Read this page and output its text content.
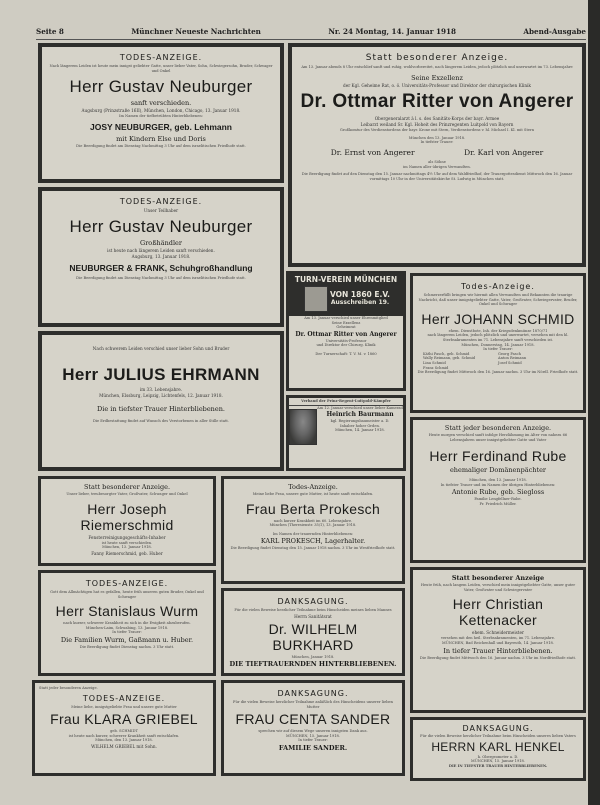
Seite 8	Münchner Neueste Nachrichten	Nr. 24 Montag, 14. Januar 1918	Abend-Ausgabe
TODES-ANZEIGE.
Nach längerem Leiden ist heute mein innigst geliebter Gatte, unser lieber Vater, Sohn, Schwiegersohn, Bruder, Schwager und Onkel
Herr Gustav Neuburger
sanft verschieden.
Augsburg (Prinzstraße 16II), München, London, Chicago, 13. Januar 1918.
Im Namen der tiefbetrübten Hinterbliebenen:
JOSY NEUBURGER, geb. Lehmann
mit Kindern Else und Doris
Die Beerdigung findet am Dienstag Nachmittag 3 Uhr auf dem israelitischen Friedhofe statt.
TODES-ANZEIGE.
Unser Teilhaber
Herr Gustav Neuburger
Großhändler
ist heute nach längerem Leiden sanft verschieden.
Augsburg, 13. Januar 1918.
NEUBURGER & FRANK, Schuhgroßhandlung
Die Beerdigung findet am Dienstag Nachmittag 3 Uhr auf dem israelitischen Friedhofe statt.
Nach schwerem Leiden verschied unser lieber Sohn und Bruder
Herr JULIUS EHRMANN
im 33. Lebensjahre.
München, Elssburg, Leipzig, Lichtenfels, 12. Januar 1918.
Die in tiefster Trauer Hinterbliebenen.
Die Erdbestattung findet auf Wunsch des Verstorbenen in aller Stille statt.
Statt besonderer Anzeige.
Unser lieber, treubesorgter Vater, Großvater, Schwager und Onkel
Herr Joseph Riemerschmid
Fensterreinigungsgeschäfts-Inhaber
ist heute sanft verschieden.
München, 13. Januar 1918.
Fanny Riemerschmid, geb. Huber
TODES-ANZEIGE.
Gott dem Allmächtigen hat es gefallen, heute früh unseren guten Bruder, Onkel und Schwager
Herr Stanislaus Wurm
nach kurzer, schwerer Krankheit zu sich in die Ewigkeit abzuberufen.
München-Laim, Schwabing, 13. Januar 1918.
In tiefer Trauer:
Die Familien Wurm, Gaßmann u. Huber.
Die Beerdigung findet Dienstag nachm. 3 Uhr statt.
Statt jeder besonderen Anzeige.
TODES-ANZEIGE.
Meine liebe, innigstgeliebte Frau und unsere gute Mutter
Frau KLARA GRIEBEL
geb. SCHMIDT
ist heute nach kurzer, schwerer Krankheit sanft entschlafen.
München, den 13. Januar 1918.
WILHELM GRIEBEL mit Sohn.
Todes-Anzeige.
Meine liebe Frau, unsere gute Mutter, ist heute sanft entschlafen.
Frau Berta Prokesch
nach kurzer Krankheit im 60. Lebensjahre.
München (Theresienstr. 35/1), 13. Januar 1918.
Im Namen der trauernden Hinterbliebenen:
KARL PROKESCH, Lagerhalter.
Die Beerdigung findet Dienstag den 15. Januar 1918 nachm. 3 Uhr im Westfriedhofe statt.
DANKSAGUNG.
Für die vielen Beweise herzlicher Teilnahme beim Hinscheiden meines lieben Mannes
Herrn Sanitätsrat
Dr. WILHELM BURKHARD
München, Januar 1918.
DIE TIEFTRAUERNDEN HINTERBLIEBENEN.
DANKSAGUNG.
Für die vielen Beweise herzlicher Teilnahme anläßlich des Hinscheidens unserer lieben Mutter
FRAU CENTA SANDER
sprechen wir auf diesem Wege unseren innigsten Dank aus.
MÜNCHEN, 15. Januar 1918.
In tiefer Trauer:
FAMILIE SANDER.
Statt besonderer Anzeige.
Am 13. Januar abends 8 Uhr entschlief sanft und ruhig, wohlvorbereitet, nach längerem Leiden, jedoch plötzlich und unerwartet im 73. Lebensjahre
Seine Exzellenz
der Kgl. Geheime Rat, o. ö. Universitäts-Professor und Direktor der chirurgischen Klinik
Dr. Ottmar Ritter von Angerer
Obergeneralarzt à l. s. des Sanitäts-Korps der bayr. Armee
Leibarzt weiland Sr. Kgl. Hoheit des Prinzregenten Luitpold von Bayern
Großkomtur des Verdienstordens der bayr. Krone mit Stern, Verdienstordens v. hl. Michael I. Kl. mit Stern
München den 13. Januar 1918.
In tiefster Trauer:
Dr. Ernst von Angerer	Dr. Karl von Angerer
als Söhne
im Namen aller übrigen Verwandten.
Die Beerdigung findet auf den Dienstag den 15. Januar nachmittags 4½ Uhr auf dem Waldfriedhof, der Trauergottesdienst Mittwoch den 16. Januar vormittags 10 Uhr in der Universitätskirche St. Ludwig in München statt.
TURN-VEREIN MÜNCHEN
VON 1860 E.V.
Ausschreiben 19.
Am 13. Januar verschied unser Ehrenmitglied
Seine Exzellenz
Geheimrat
Dr. Ottmar Ritter von Angerer
Universitäts-Professor
und Direktor der Chirurg. Klinik
Der Turnerschaft: T. V. M. v. 1860
Verband der Prinz-Regent-Luitpold-Kämpfer
Am 12. Januar verschied unser lieber Kamerad
Heinrich Baurmann
kgl. Regierungsbaumeister a. D.
Inhaber hoher Orden.
München, 14. Januar 1918.
Todes-Anzeige.
Schmerzerfüllt bringen wir hiermit allen Verwandten und Bekannten die traurige Nachricht, daß unser innigstgeliebter Gatte, Vater, Großvater, Schwiegervater, Bruder, Onkel und Schwager
Herr JOHANN SCHMID
ehem. Dienstbote, Inh. der Kriegsdenkmünze 1870/71
nach längerem Leiden, jedoch plötzlich und unerwartet, versehen mit den hl. Sterbsakramenten im 71. Lebensjahre sanft verschieden ist.
München, Donnerstag, 14. Januar 1918.
In tiefer Trauer:
Käthi Pasch, geb. Schmid	Georg Pasch
Wally Reimann, geb. Schmid	Anton Reimann
Lina Schmid	Josef Schmid
Franz Schmid
Die Beerdigung findet Mittwoch den 16. Januar nachm. 3 Uhr im Nördl. Friedhofe statt.
Statt jeder besonderen Anzeige.
Heute morgen verschied sanft infolge Herzlähmung im Alter von nahezu 66 Lebensjahren unser innigstgeliebter Gatte und Vater
Herr Ferdinand Rube
ehemaliger Domänenpächter
München, den 13. Januar 1918.
In tiefster Trauer und im Namen der übrigen Hinterbliebenen:
Antonie Rube, geb. Siegloss
Familie Lengfellner-Rube.
Fr. Friedrich Müller.
Statt besonderer Anzeige
Heute früh, nach langem Leiden, verschied mein innigstgeliebter Gatte, unser guter Vater, Großvater und Schwiegervater
Herr Christian Kettenacker
ehem. Schneidermeister
versehen mit den heil. Sterbsakramenten, im 71. Lebensjahre.
MÜNCHEN, Bad Reichenhall und Bayreuth, 14. Januar 1918.
In tiefer Trauer Hinterbliebenen.
Die Beerdigung findet Mittwoch den 16. Januar nachm. 3 Uhr im Nordfriedhofe statt.
DANKSAGUNG.
Für die vielen Beweise herzlicher Teilnahme beim Hinscheiden unseres lieben Vaters
HERRN KARL HENKEL
k. Obergeometer a. D.
MÜNCHEN, 15. Januar 1918.
DIE IN TIEFSTER TRAUER HINTERBLIEBENEN.
